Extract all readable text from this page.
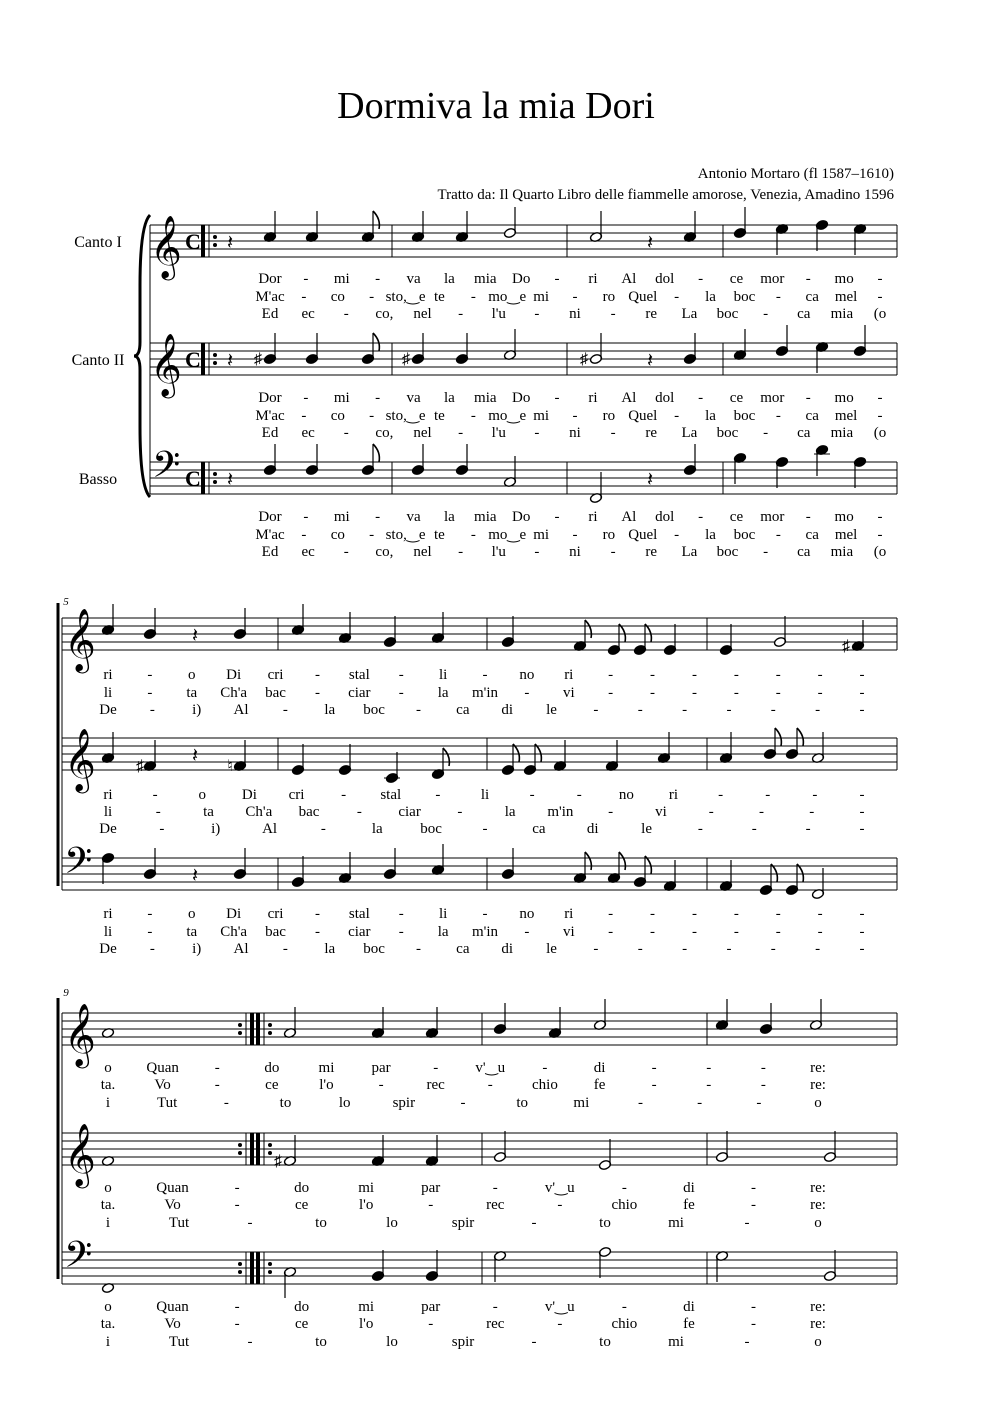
Dormiva la mia Dori
Antonio Mortaro (fl 1587–1610)
Tratto da: Il Quarto Libro delle fiammelle amorose, Venezia, Amadino 1596
Canto I 𝄞 C
Canto II 𝄞 C
Basso 𝄢 C
𝄽	𝄽
𝄽 ♯	♯	♯	𝄽
𝄽	𝄽
Dor - mi - va la mia Do - ri Al dol - ce mor - mo -
M'ac - co - sto,‿e te - mo‿e mi - ro Quel - la boc - ca mel -
Ed ec - co, nel - l'u - ni - re La boc - ca mia (o
Dor - mi - va la mia Do - ri Al dol - ce mor - mo -
M'ac - co - sto,‿e te - mo‿e mi - ro Quel - la boc - ca mel -
Ed ec - co, nel - l'u - ni - re La boc - ca mia (o
Dor - mi - va la mia Do - ri Al dol - ce mor - mo -
M'ac - co - sto,‿e te - mo‿e mi - ro Quel - la boc - ca mel -
Ed ec - co, nel - l'u - ni - re La boc - ca mia (o
5
𝄞
𝄞
𝄢
𝄽	♯
♯ 𝄽 ♮
𝄽
ri - o Di cri - stal - li - no ri - - - - - - -
li - ta Ch'a bac - ciar - la m'in - vi - - - - - - -
De - i) Al - la boc - ca di le -	-	-	-	-	-	-
ri	-	o Di cri - stal -	li	-	- no ri	-	-	-	-
li	-	ta Ch'a bac - ciar -	la m'in -	vi	-	-	-	-
De	-	i)	Al	-	la	boc	-	ca	di	le	-	-	-	-
ri - o Di cri - stal - li - no ri - - - - - - -
li - ta Ch'a bac - ciar - la m'in - vi - - - - - - -
De - i) Al - la boc - ca di le -	-	-	-	-	-	-
9
𝄞
𝄞
𝄢
♯
o Quan -	do	mi par	- v'‿u -	di	-	-	-	re:
ta.	Vo	-	ce	l'o	-	rec	-	chio fe	-	-	-	re:
i	Tut	-	to	lo	spir	-	to	mi	-	-	-	o
o	Quan	-	do	mi	par	-	v'‿u	-	di	-	re:
ta.	Vo	-	ce	l'o	-	rec	-	chio	fe	-	re:
i	Tut	-	to	lo	spir	-	to	mi	-	o
o	Quan	-	do	mi	par	-	v'‿u	-	di	-	re:
ta.	Vo	-	ce	l'o	-	rec	-	chio	fe	-	re:
i	Tut	-	to	lo	spir	-	to	mi	-	o
